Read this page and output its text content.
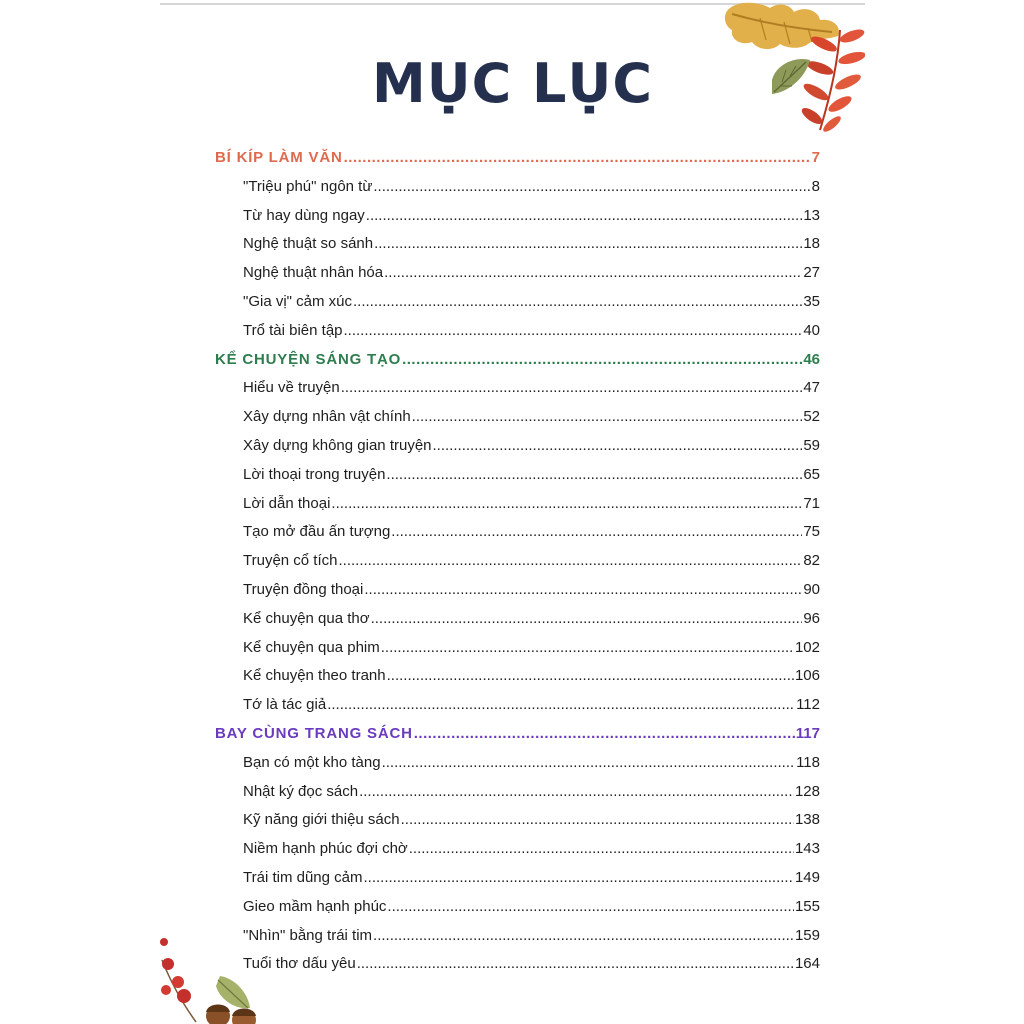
MỤC LỤC
BÍ KÍP LÀM VĂN .....	7
"Triệu phú" ngôn từ .....	8
Từ hay dùng ngay .....	13
Nghệ thuật so sánh .....	18
Nghệ thuật nhân hóa .....	27
"Gia vị" cảm xúc .....	35
Trổ tài biên tập .....	40
KỂ CHUYỆN SÁNG TẠO .....	46
Hiểu về truyện .....	47
Xây dựng nhân vật chính .....	52
Xây dựng không gian truyện .....	59
Lời thoại trong truyện .....	65
Lời dẫn thoại .....	71
Tạo mở đầu ấn tượng .....	75
Truyện cổ tích .....	82
Truyện đồng thoại .....	90
Kể chuyện qua thơ .....	96
Kể chuyện qua phim .....	102
Kể chuyện theo tranh .....	106
Tớ là tác giả .....	112
BAY CÙNG TRANG SÁCH .....	117
Bạn có một kho tàng .....	118
Nhật ký đọc sách .....	128
Kỹ năng giới thiệu sách .....	138
Niềm hạnh phúc đợi chờ .....	143
Trái tim dũng cảm .....	149
Gieo mầm hạnh phúc .....	155
"Nhìn" bằng trái tim .....	159
Tuổi thơ dấu yêu .....	164
